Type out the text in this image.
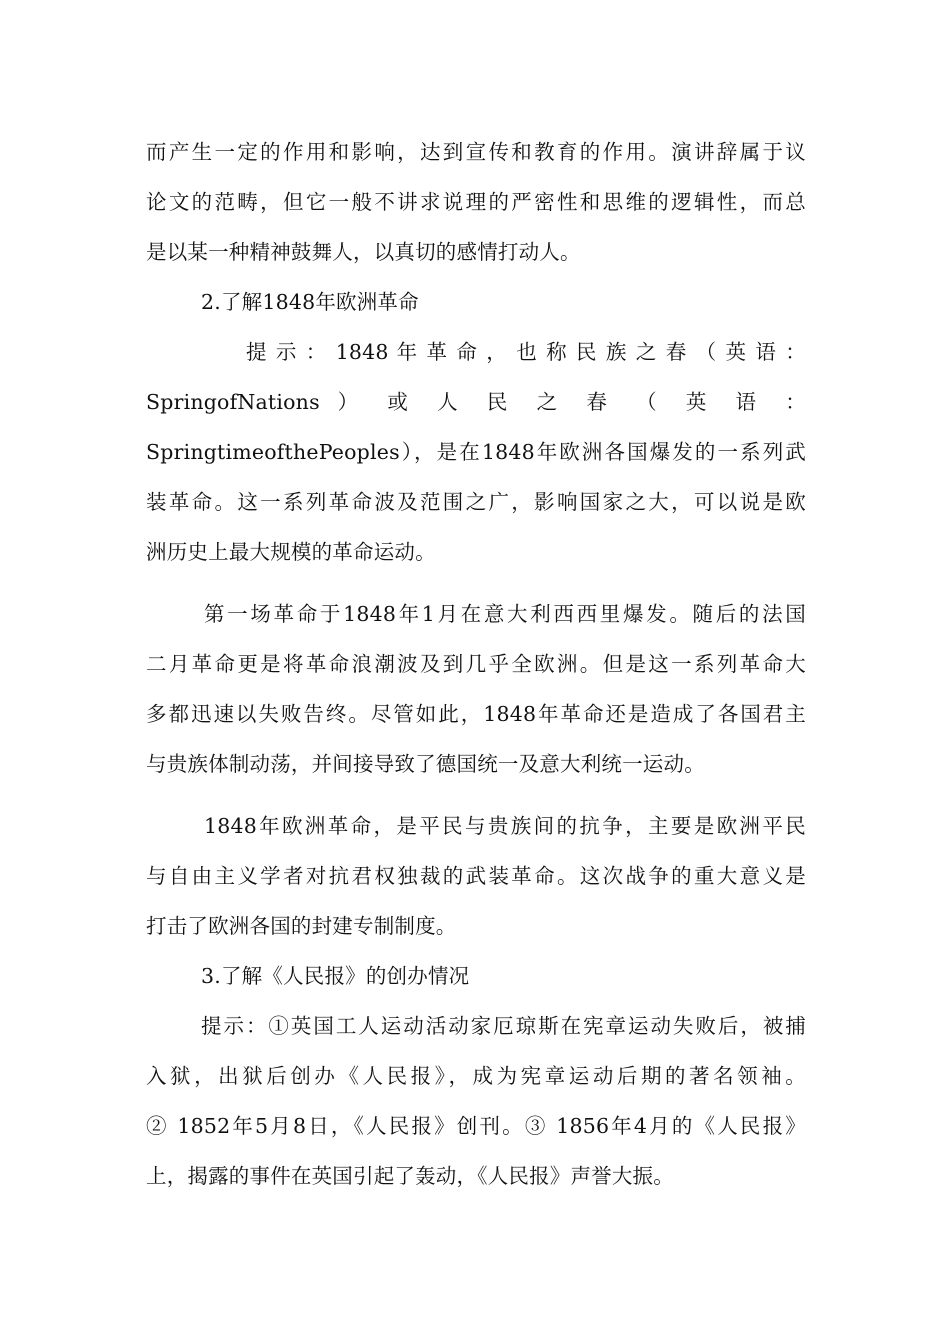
而产生一定的作用和影响，达到宣传和教育的作用。演讲辞属于议
论文的范畴，但它一般不讲求说理的严密性和思维的逻辑性，而总
是以某一种精神鼓舞人，以真切的感情打动人。
2.了解1848年欧洲革命
提 示 ： 1848 年 革 命 ， 也 称 民 族 之 春 （ 英 语 ：
SpringofNations ） 或 人 民 之 春 （ 英 语 ：
SpringtimeofthePeoples），是在1848年欧洲各国爆发的一系列武
装革命。这一系列革命波及范围之广，影响国家之大，可以说是欧
洲历史上最大规模的革命运动。
第一场革命于1848年1月在意大利西西里爆发。随后的法国
二月革命更是将革命浪潮波及到几乎全欧洲。但是这一系列革命大
多都迅速以失败告终。尽管如此，1848年革命还是造成了各国君主
与贵族体制动荡，并间接导致了德国统一及意大利统一运动。
1848年欧洲革命，是平民与贵族间的抗争，主要是欧洲平民
与自由主义学者对抗君权独裁的武装革命。这次战争的重大意义是
打击了欧洲各国的封建专制制度。
3.了解《人民报》的创办情况
提示：①英国工人运动活动家厄琼斯在宪章运动失败后，被捕
入狱，出狱后创办《人民报》，成为宪章运动后期的著名领袖。
② 1852年5月8日，《人民报》创刊。③ 1856年4月的《人民报》
上，揭露的事件在英国引起了轰动，《人民报》声誉大振。
